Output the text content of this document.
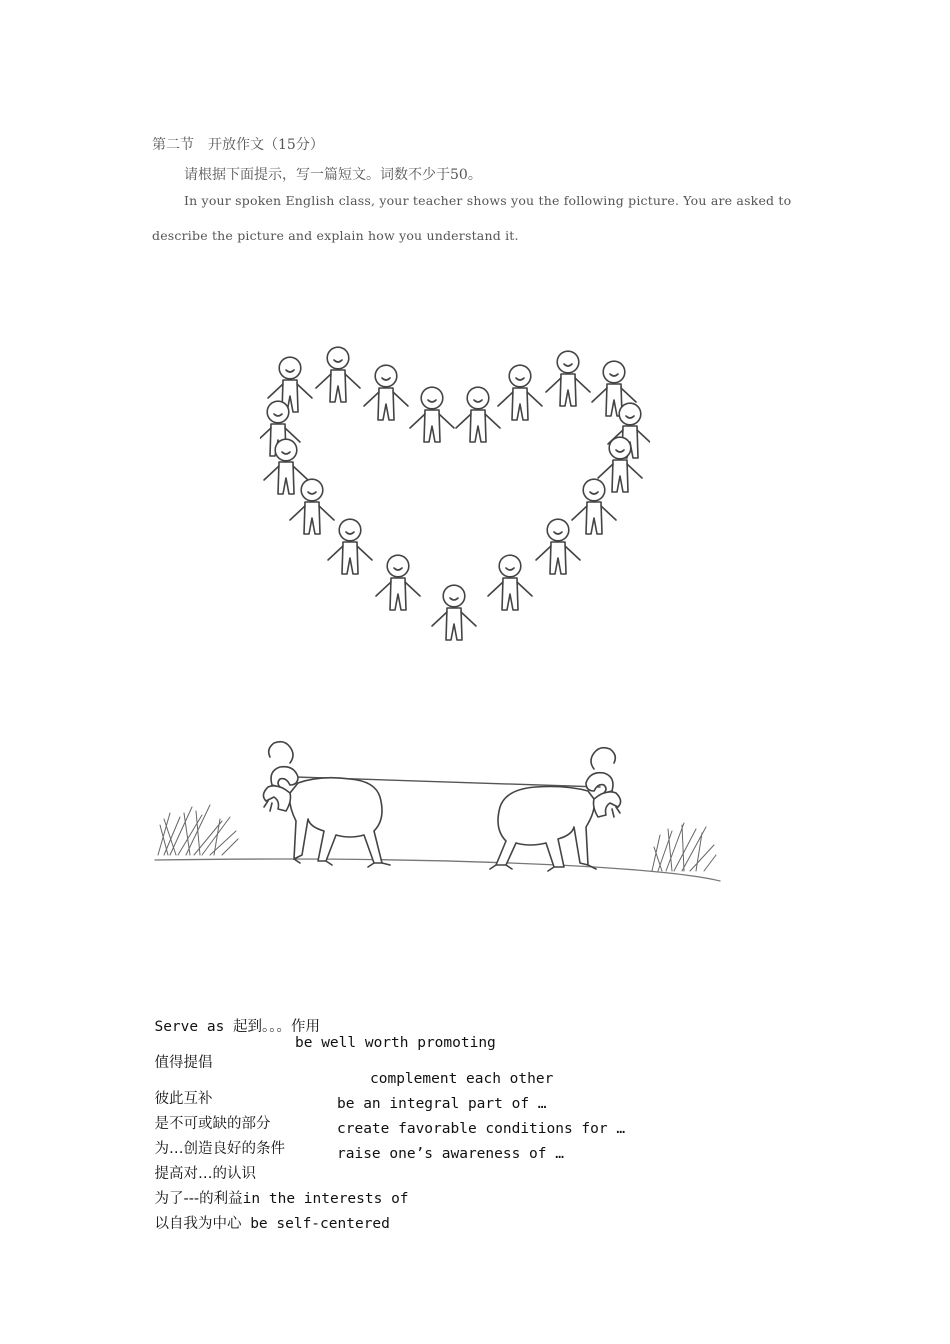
第二节　开放作文（15分）
请根据下面提示，写一篇短文。词数不少于50。
In your spoken English class, your teacher shows you the following picture. You are asked to
describe the picture and explain how you understand it.

Serve as 起到。。。作用

值得提倡

be well worth promoting

彼此互补

complement each other

是不可或缺的部分

be an integral part of …

为…创造良好的条件

create favorable conditions for …

提高对…的认识

raise one’s awareness of …

为了---的利益in the interests of

以自我为中心 be self-centered
